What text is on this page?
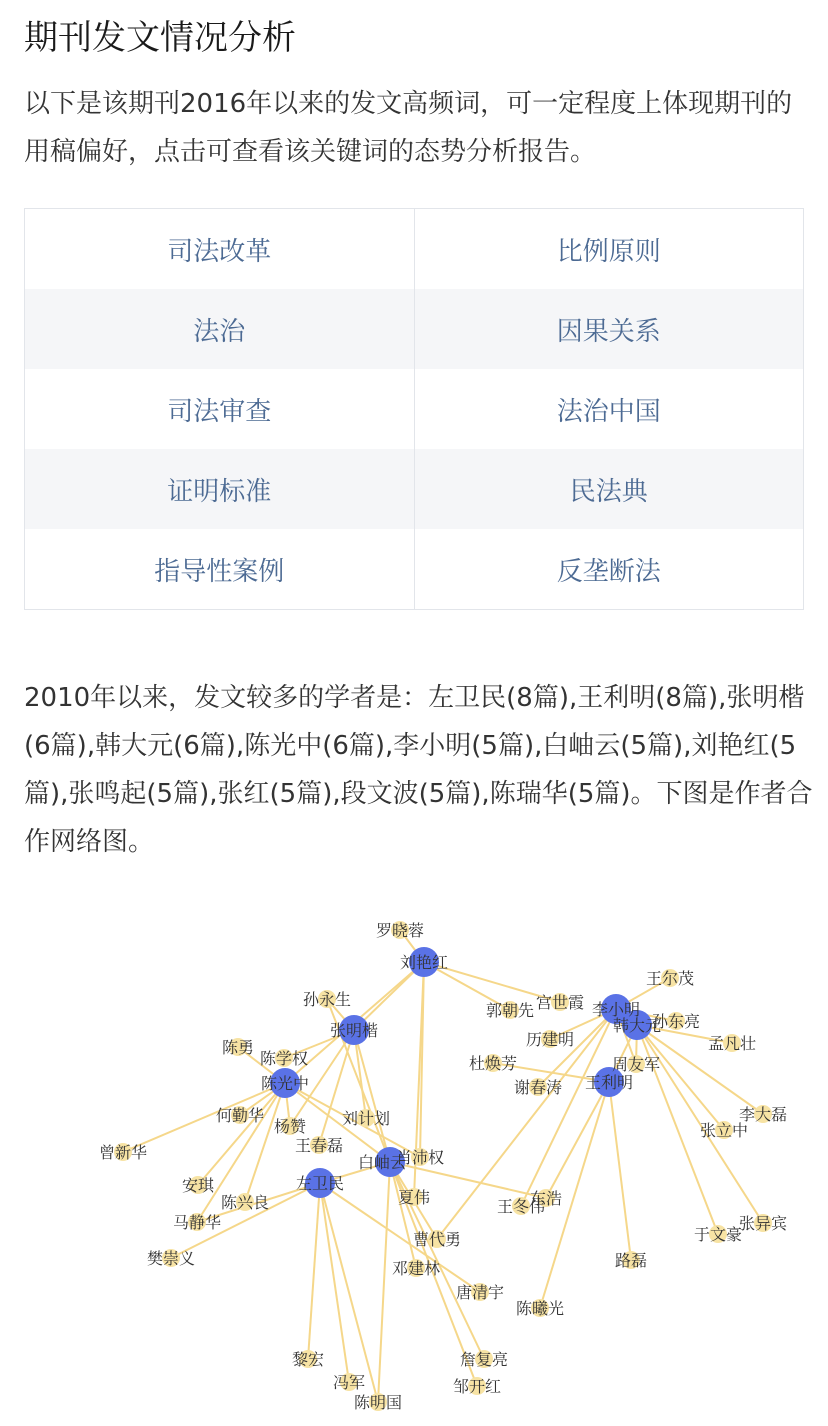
期刊发文情况分析
以下是该期刊2016年以来的发文高频词，可一定程度上体现期刊的用稿偏好，点击可查看该关键词的态势分析报告。
司法改革	比例原则
法治	因果关系
司法审查	法治中国
证明标准	民法典
指导性案例	反垄断法
2010年以来，发文较多的学者是：左卫民(8篇),王利明(8篇),张明楷(6篇),韩大元(6篇),陈光中(6篇),李小明(5篇),白岫云(5篇),刘艳红(5篇),张鸣起(5篇),张红(5篇),段文波(5篇),陈瑞华(5篇)。下图是作者合作网络图。
罗晓蓉
孙永生
郭朝先 宫世霞
历建明
杜焕芳
谢春涛
王尔茂
孙东亮
孟凡壮
周友军
李大磊
张立中
陈勇
陈学权
何勤华
杨赞 刘计划
王春磊
肖沛权
曾新华
安琪
陈兴良
马静华
樊崇义
夏伟
曹代勇
王冬伟
东浩
张异宾
于文豪
路磊
唐清宇
陈曦光
黎宏
冯军
陈明国
詹复亮
邹开红
邓建林
刘艳红
李小明
韩大元
张明楷
陈光中	王利明
左卫民
白岫云
